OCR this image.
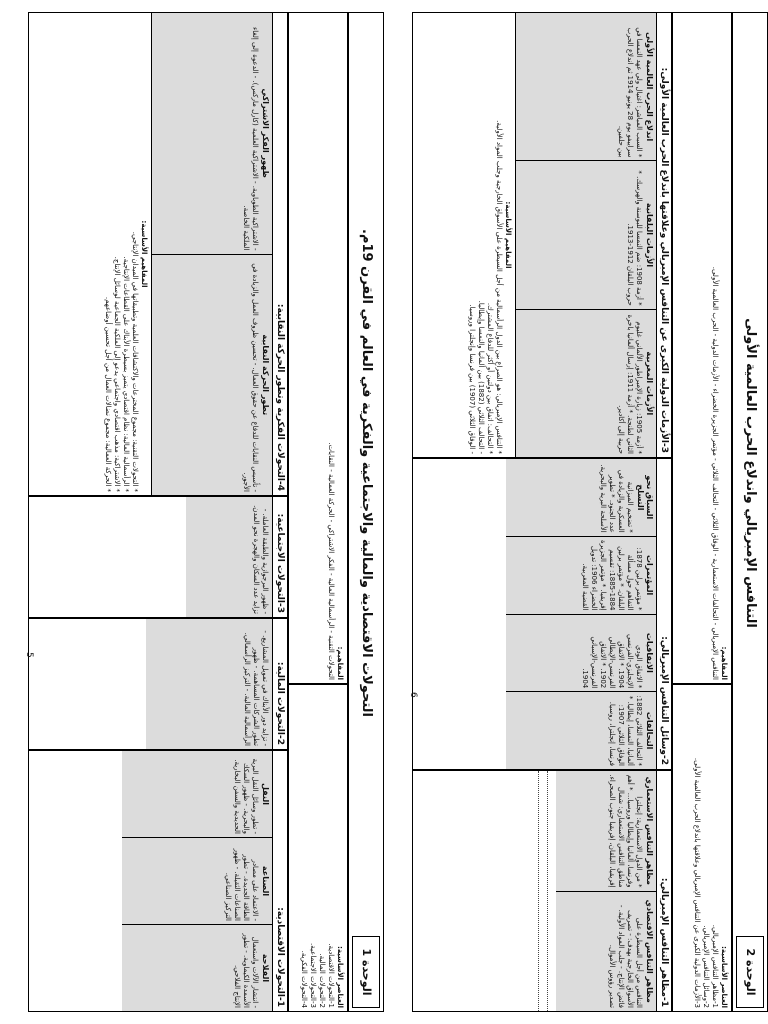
الوحدة 2
التنافس الإمبريالي واندلاع الحرب العالمية الأولى
العناصر الأساسية:
1-مظاهر التنافس الإمبريالي.
2-وسائل التنافس الإمبريالي.
3-الأزمات الدولية الكبرى عن التنافس الإمبريالي وعلاقتها باندلاع الحرب العالمية الأولى.
المفاهيم:
التنافس الإمبريالي - التحالفات الاستعمارية - الوفاق الثلاثي - التحالف الثلاثي - مؤتمر الجزيرة الخضراء - الأزمات الدولية - الحرب العالمية الأولى.
1-مظاهر التنافس الإمبريالي:
مظاهر التنافس الاقتصادي
التنافس من أجل السيطرة على الأسواق الخارجية بهدف: - تصريف فائض الإنتاج. - جلب المواد الأولية. - تصدير رؤوس الأموال.
مظاهر التنافس الاستعماري
* من الدول الاستعمارية: إنجلترا وفرنسا، ألمانيا وإيطاليا وروسيا... * أهم مناطق التنافس الاستعماري: شمال إفريقيا، البلقان، إفريقيا جنوب الصحراء.
2-وسائل التنافس الإمبريالي:
التحالفات
* التحالف الثلاثي 1882: ألمانيا، النمسا، إيطاليا. * الوفاق الثلاثي 1907: فرنسا، إنجلترا، روسيا.
الاتفاقيات
* الاتفاق الودي الإنجليزي-الفرنسي 1904. * الاتفاق الفرنسي-الإيطالي 1902. * الاتفاق الفرنسي-الإسباني 1904.
المؤتمرات
* مؤتمر برلين 1878: التفاهم حول مسألة البلقان. * مؤتمر برلين 1884-1885: تقسيم إفريقيا. * مؤتمر الجزيرة الخضراء 1906: تدويل القضية المغربية.
السباق نحو التسلح
* تضخيم الميزانية العسكرية والزيادة في عدد الجنود. * تطوير الأسلحة البرية والبحرية.
3-الأزمات الدولية الكبرى عن التنافس الإمبريالي وعلاقتها باندلاع الحرب العالمية الأولى:
الأزمات المغربية
* أزمة 1905: زيارة الإمبراطور الألماني غليوم الثاني لطنجة. * أزمة 1911: إرسال ألمانيا باخرة حربية إلى أكادير.
الأزمات البلقانية
* أزمة 1908: ضم النمسا للبوسنة والهرسك. * حروب البلقان 1912-1913.
اندلاع الحرب العالمية الأولى
* السبب المباشر: اغتيال ولي عهد النمسا في سراييفو يوم 28 يونيو 1914 ثم اندلاع الحرب بين حلفين.
المفاهيم الأساسية:
* التنافس الإمبريالي: هو الصراع بين الدول الرأسمالية من أجل السيطرة على الأسواق الخارجية وجلب المواد الأولية.
* التحالف: اتفاق بين دولتين أو أكثر للدفاع المشترك.
- التحالف الثلاثي (1882) بين ألمانيا والنمسا وإيطاليا.
- الوفاق الثلاثي (1907) بين فرنسا وإنجلترا وروسيا.
6
الوحدة 1
التحولات الاقتصادية والمالية والاجتماعية والفكرية في العالم في القرن 19م.
العناصر الأساسية:
1-التحولات الاقتصادية.
2-التحولات المالية.
3-التحولات الاجتماعية.
4-التحولات الفكرية.
المفاهيم:
التحولات التقنية - الرأسمالية المالية - الفكر الاشتراكي - الحركة العمالية - النقابات.
1-التحولات الاقتصادية:
الفلاحة
- انتشار الآلات واستعمال الأسمدة الكيماوية. - تطور الإنتاج الفلاحي.
الصناعة
- الاعتماد على مصادر الطاقة الجديدة. - تطور الصناعات الثقيلة. - ظهور التركيز الصناعي.
النقل
- تطور وسائل النقل البرية والبحرية. - ظهور السكك الحديدية والسفن البخارية.
2-التحولات المالية:
- تزايد دور الأبناك في تمويل المشاريع. - تطور الشركات المساهمة. - ظهور الرأسمالية المالية. - التركيز الرأسمالي.
3-التحولات الاجتماعية:
- ظهور البرجوازية والطبقة العاملة. - تزايد عدد السكان والهجرة نحو المدن.
4-التحولات الفكرية وتطور الحركة النقابية:
تطور الحركة النقابية
- تأسيس النقابات للدفاع عن حقوق العمال. - تحسين ظروف العمل والزيادة في الأجور.
ظهور الفكر الاشتراكي
- الاشتراكية الطوباوية. - الاشتراكية العلمية (كارل ماركس). - الدعوة إلى إلغاء الملكية الخاصة.
المفاهيم الأساسية:
* التحولات التقنية: مجموع المخترعات والاكتشافات العلمية وتطبيقاتها في الميدان الإنتاجي.
* الرأسمالية المالية: نظام اقتصادي يتميز بسيطرة الأبناك على القطاعات الإنتاجية.
* الاشتراكية: مذهب اقتصادي واجتماعي يدعو إلى الملكية الجماعية لوسائل الإنتاج.
* الحركة العمالية: مجموع نضالات العمال من أجل تحسين أوضاعهم.
5
